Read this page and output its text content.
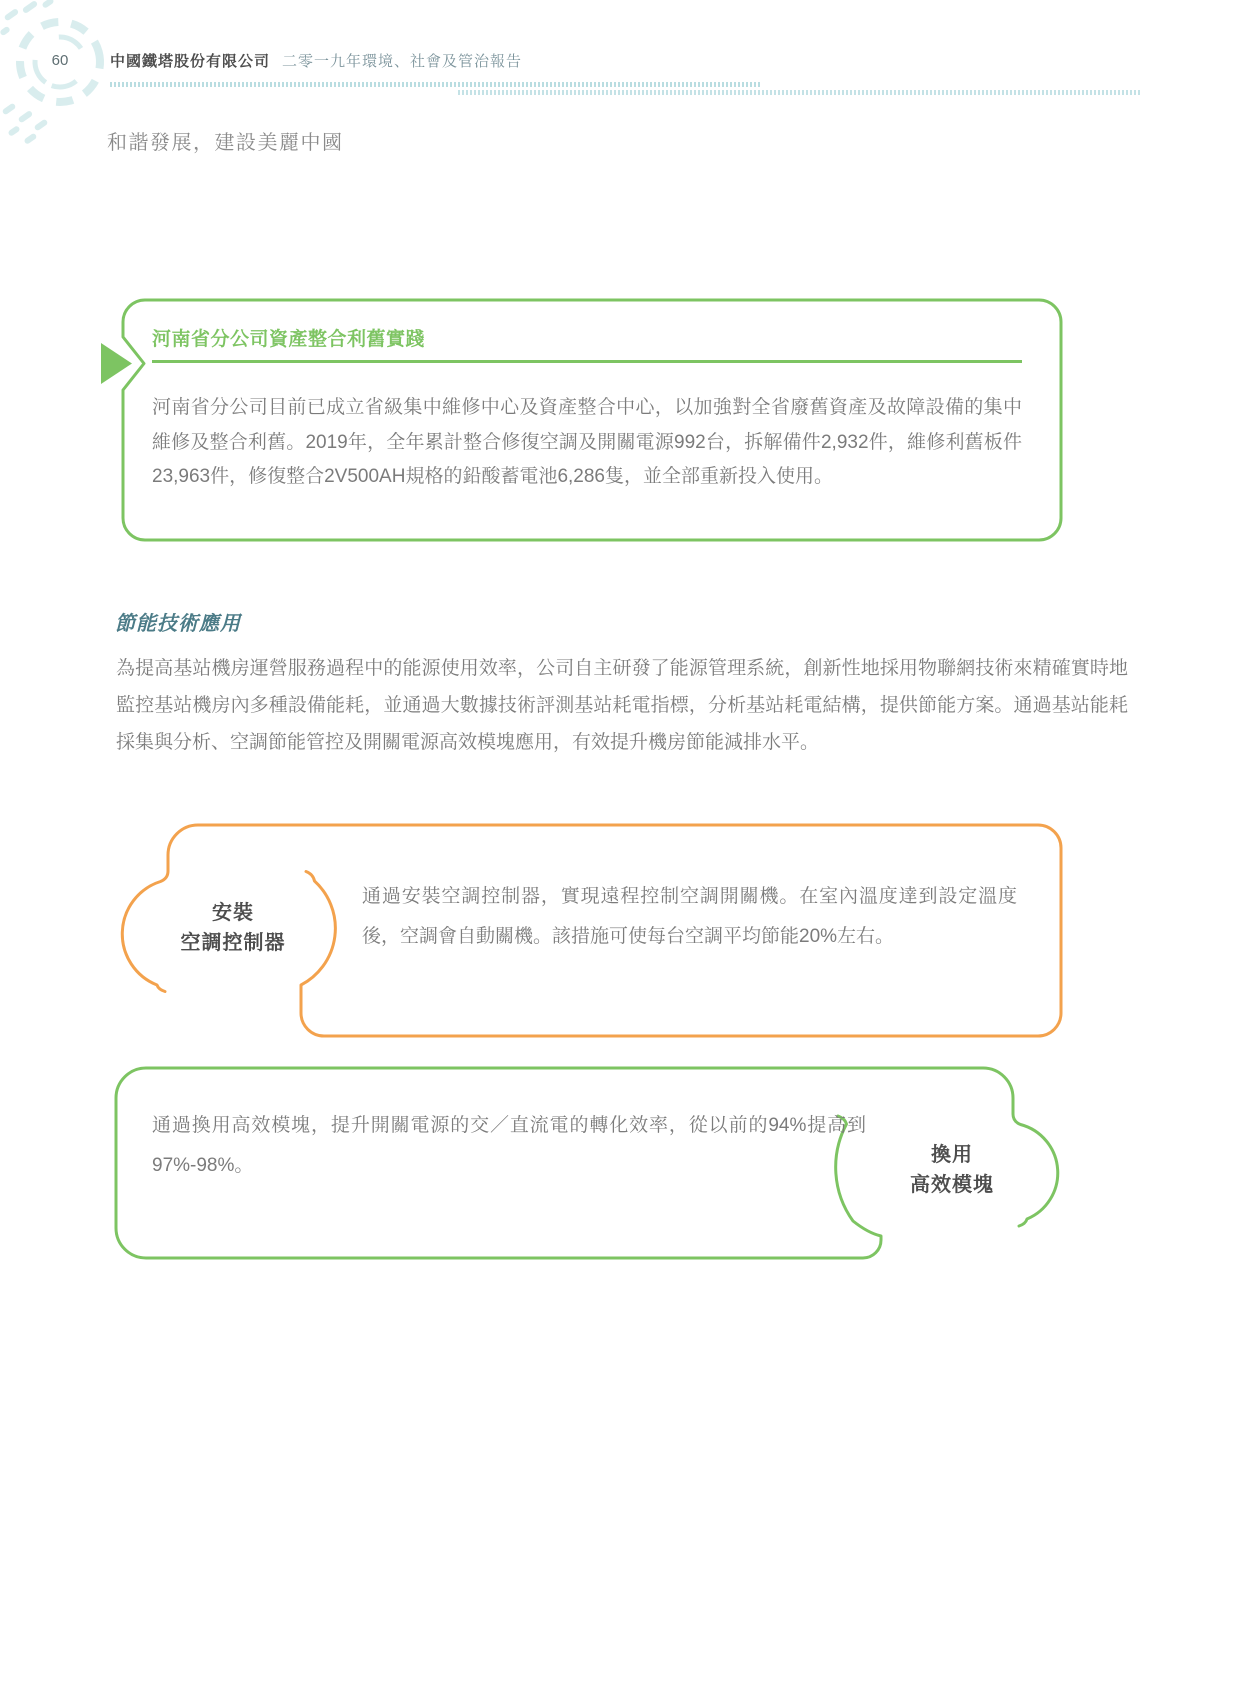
60	中國鐵塔股份有限公司 二零一九年環境、社會及管治報告
和諧發展，建設美麗中國
河南省分公司資產整合利舊實踐
河南省分公司目前已成立省級集中維修中心及資產整合中心，以加強對全省廢舊資產及故障設備的集中維修及整合利舊。2019年，全年累計整合修復空調及開關電源992台，拆解備件2,932件，維修利舊板件23,963件，修復整合2V500AH規格的鉛酸蓄電池6,286隻，並全部重新投入使用。
節能技術應用
為提高基站機房運營服務過程中的能源使用效率，公司自主研發了能源管理系統，創新性地採用物聯網技術來精確實時地監控基站機房內多種設備能耗，並通過大數據技術評測基站耗電指標，分析基站耗電結構，提供節能方案。通過基站能耗採集與分析、空調節能管控及開關電源高效模塊應用，有效提升機房節能減排水平。
安裝
空調控制器
通過安裝空調控制器，實現遠程控制空調開關機。在室內溫度達到設定溫度後，空調會自動關機。該措施可使每台空調平均節能20%左右。
換用
高效模塊
通過換用高效模塊，提升開關電源的交／直流電的轉化效率，從以前的94%提高到97%-98%。
